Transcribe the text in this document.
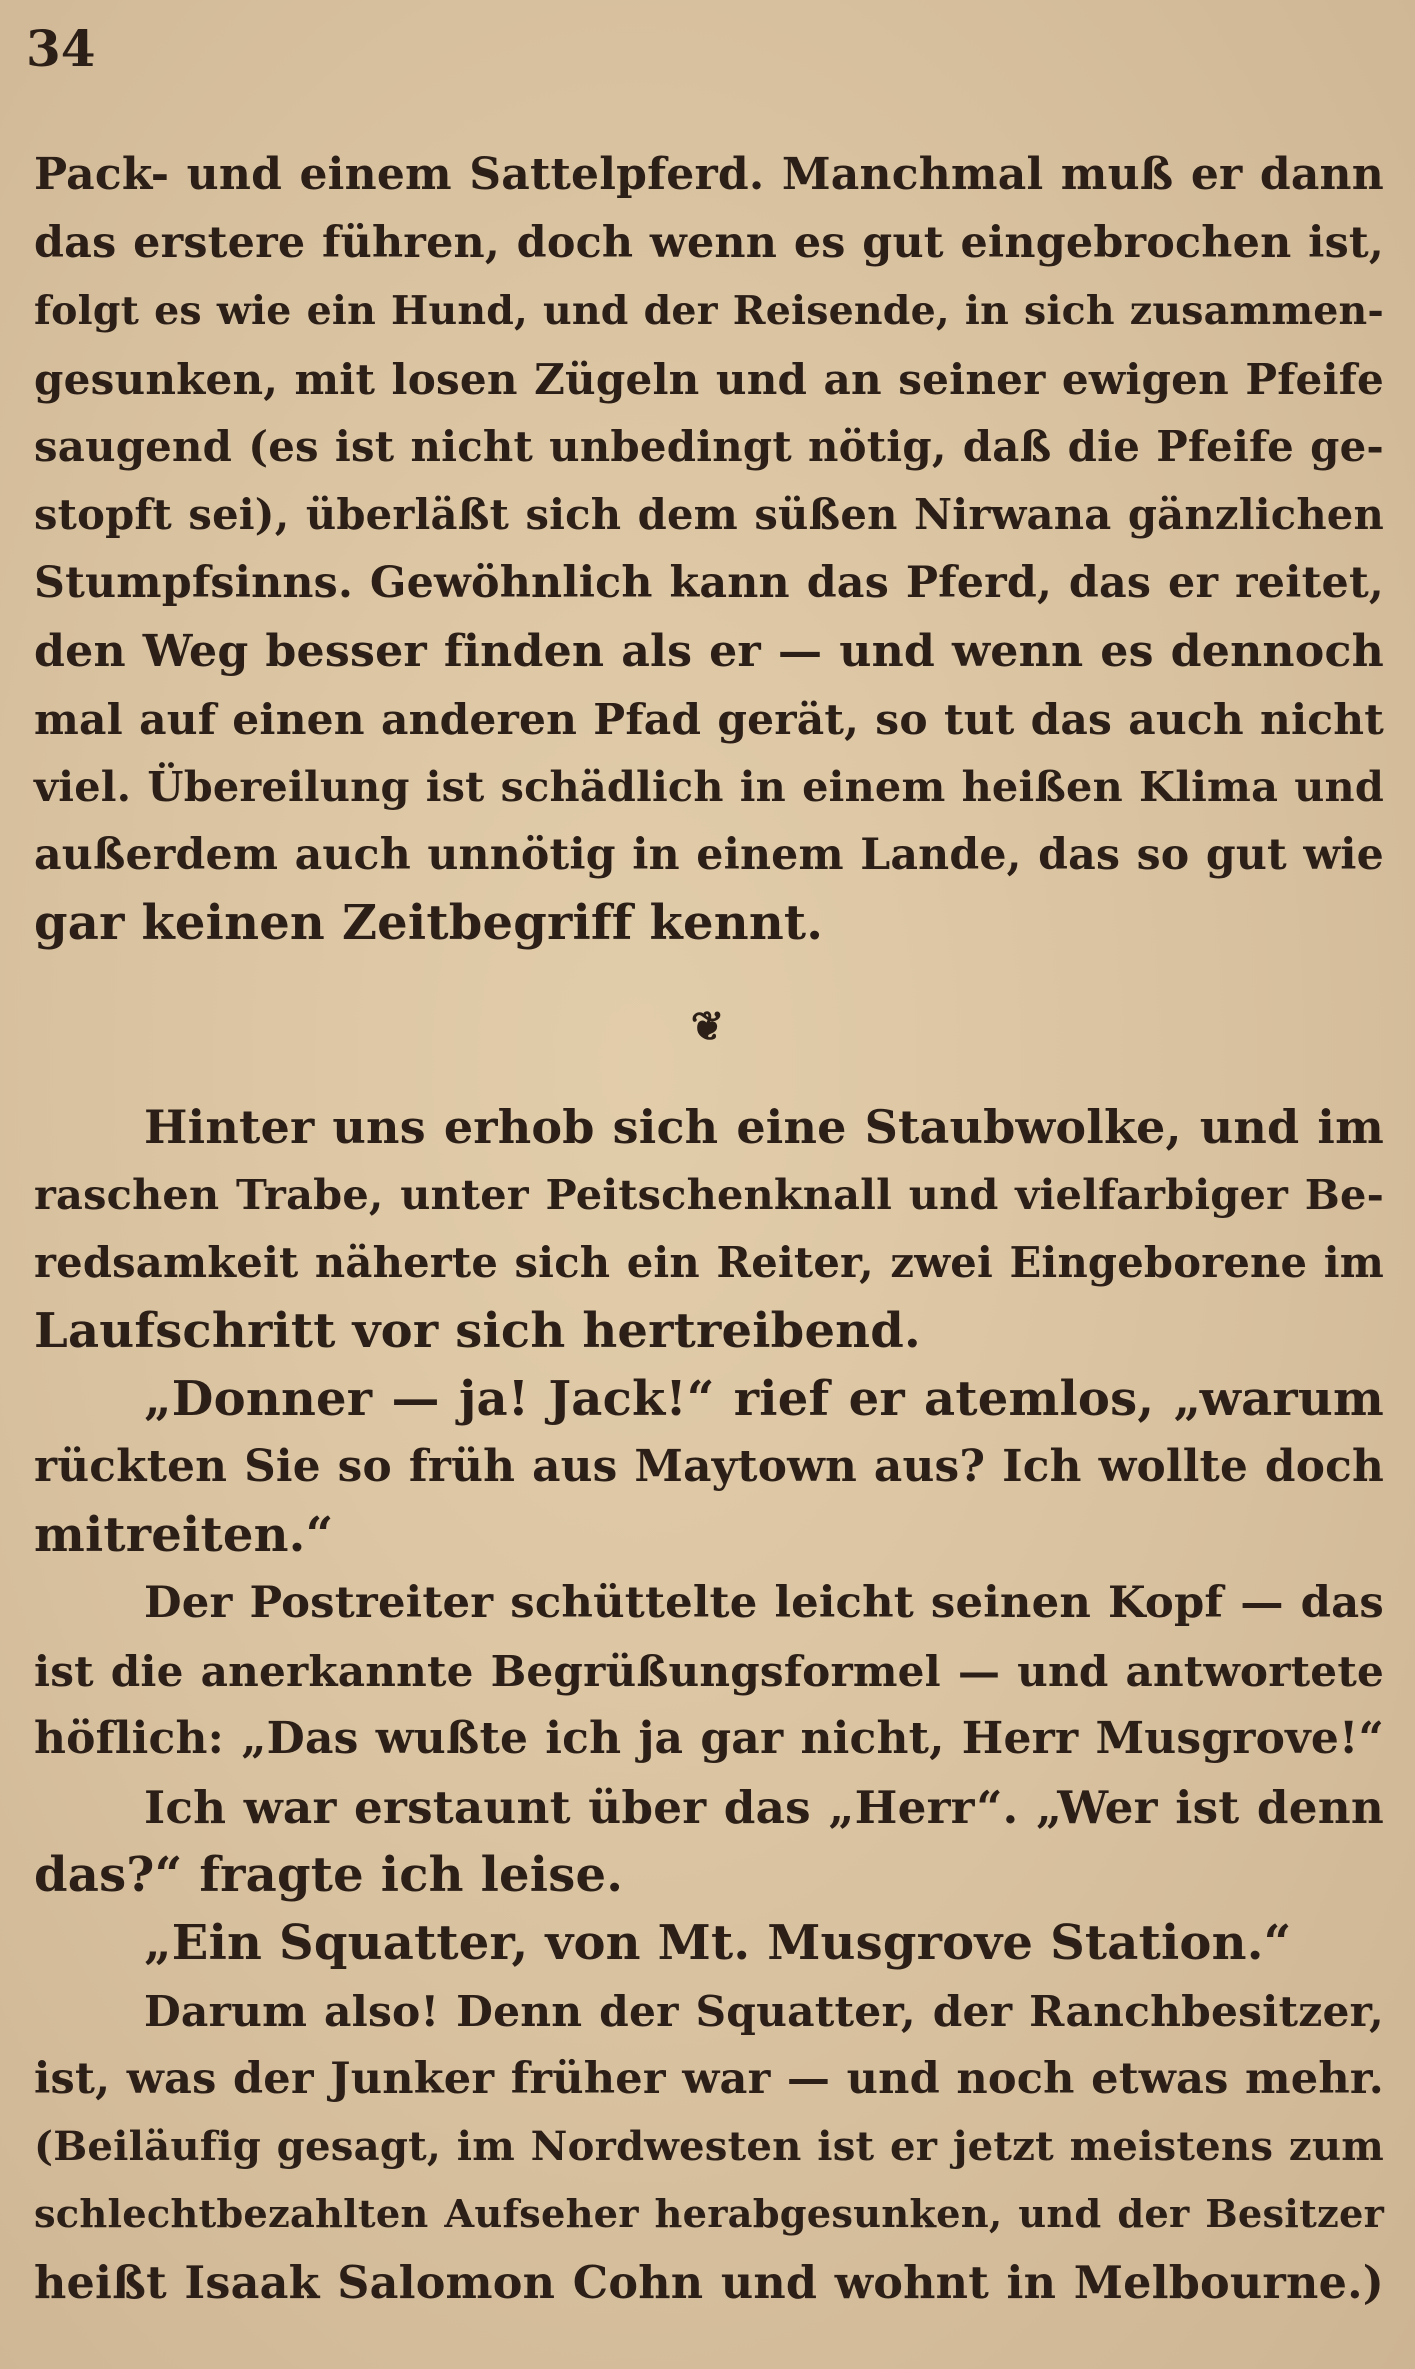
34
Pack- und einem Sattelpferd. Manchmal muß er dann
das erstere führen, doch wenn es gut eingebrochen ist,
folgt es wie ein Hund, und der Reisende, in sich zusammen-
gesunken, mit losen Zügeln und an seiner ewigen Pfeife
saugend (es ist nicht unbedingt nötig, daß die Pfeife ge-
stopft sei), überläßt sich dem süßen Nirwana gänzlichen
Stumpfsinns. Gewöhnlich kann das Pferd, das er reitet,
den Weg besser finden als er — und wenn es dennoch
mal auf einen anderen Pfad gerät, so tut das auch nicht
viel. Übereilung ist schädlich in einem heißen Klima und
außerdem auch unnötig in einem Lande, das so gut wie
gar keinen Zeitbegriff kennt.
❦
Hinter uns erhob sich eine Staubwolke, und im
raschen Trabe, unter Peitschenknall und vielfarbiger Be-
redsamkeit näherte sich ein Reiter, zwei Eingeborene im
Laufschritt vor sich hertreibend.
„Donner — ja! Jack!“ rief er atemlos, „warum
rückten Sie so früh aus Maytown aus? Ich wollte doch
mitreiten.“
Der Postreiter schüttelte leicht seinen Kopf — das
ist die anerkannte Begrüßungsformel — und antwortete
höflich: „Das wußte ich ja gar nicht, Herr Musgrove!“
Ich war erstaunt über das „Herr“. „Wer ist denn
das?“ fragte ich leise.
„Ein Squatter, von Mt. Musgrove Station.“
Darum also! Denn der Squatter, der Ranchbesitzer,
ist, was der Junker früher war — und noch etwas mehr.
(Beiläufig gesagt, im Nordwesten ist er jetzt meistens zum
schlechtbezahlten Aufseher herabgesunken, und der Besitzer
heißt Isaak Salomon Cohn und wohnt in Melbourne.)
